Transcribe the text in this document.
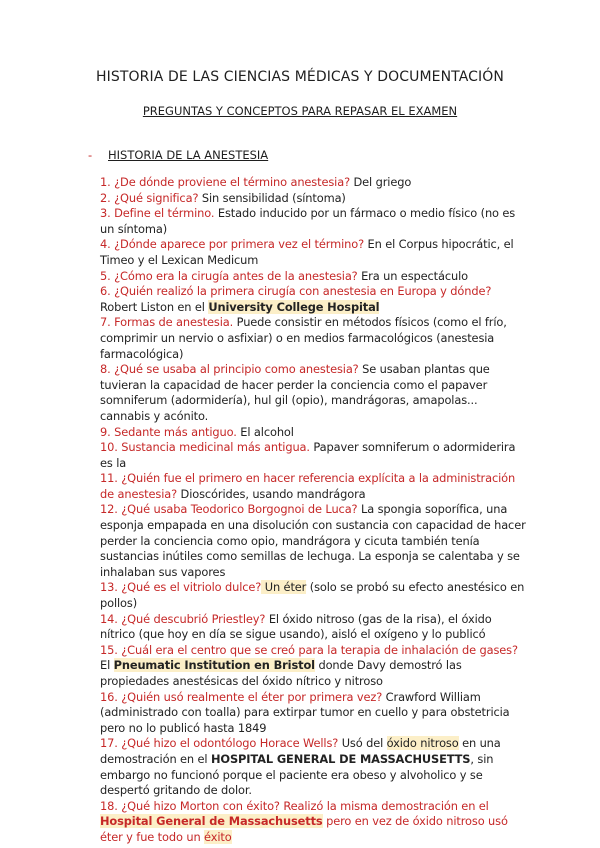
HISTORIA DE LAS CIENCIAS MÉDICAS Y DOCUMENTACIÓN
PREGUNTAS Y CONCEPTOS PARA REPASAR EL EXAMEN
- HISTORIA DE LA ANESTESIA

1. ¿De dónde proviene el término anestesia? Del griego

2. ¿Qué significa? Sin sensibilidad (síntoma)

3. Define el término. Estado inducido por un fármaco o medio físico (no es un síntoma)

4. ¿Dónde aparece por primera vez el término? En el Corpus hipocrátic, el Timeo y el Lexican Medicum

5. ¿Cómo era la cirugía antes de la anestesia? Era un espectáculo

6. ¿Quién realizó la primera cirugía con anestesia en Europa y dónde? Robert Liston en el University College Hospital

7. Formas de anestesia. Puede consistir en métodos físicos (como el frío, comprimir un nervio o asfixiar) o en medios farmacológicos (anestesia farmacológica)

8. ¿Qué se usaba al principio como anestesia? Se usaban plantas que tuvieran la capacidad de hacer perder la conciencia como el papaver somniferum (adormidería), hul gil (opio), mandrágoras, amapolas... cannabis y acónito.

9. Sedante más antiguo. El alcohol

10. Sustancia medicinal más antigua. Papaver somniferum o adormiderira es la

11. ¿Quién fue el primero en hacer referencia explícita a la administración de anestesia? Dioscórides, usando mandrágora

12. ¿Qué usaba Teodorico Borgognoi de Luca? La spongia soporífica, una esponja empapada en una disolución con sustancia con capacidad de hacer perder la conciencia como opio, mandrágora y cicuta también tenía sustancias inútiles como semillas de lechuga. La esponja se calentaba y se inhalaban sus vapores

13. ¿Qué es el vitriolo dulce? Un éter (solo se probó su efecto anestésico en pollos)

14. ¿Qué descubrió Priestley? El óxido nitroso (gas de la risa), el óxido nítrico (que hoy en día se sigue usando), aisló el oxígeno y lo publicó

15. ¿Cuál era el centro que se creó para la terapia de inhalación de gases? El Pneumatic Institution en Bristol donde Davy demostró las propiedades anestésicas del óxido nítrico y nitroso

16. ¿Quién usó realmente el éter por primera vez? Crawford William (administrado con toalla) para extirpar tumor en cuello y para obstetricia pero no lo publicó hasta 1849

17. ¿Qué hizo el odontólogo Horace Wells? Usó del óxido nitroso en una demostración en el HOSPITAL GENERAL DE MASSACHUSETTS, sin embargo no funcionó porque el paciente era obeso y alvoholico y se despertó gritando de dolor.

18. ¿Qué hizo Morton con éxito? Realizó la misma demostración en el Hospital General de Massachusetts pero en vez de óxido nitroso usó éter y fue todo un éxito
